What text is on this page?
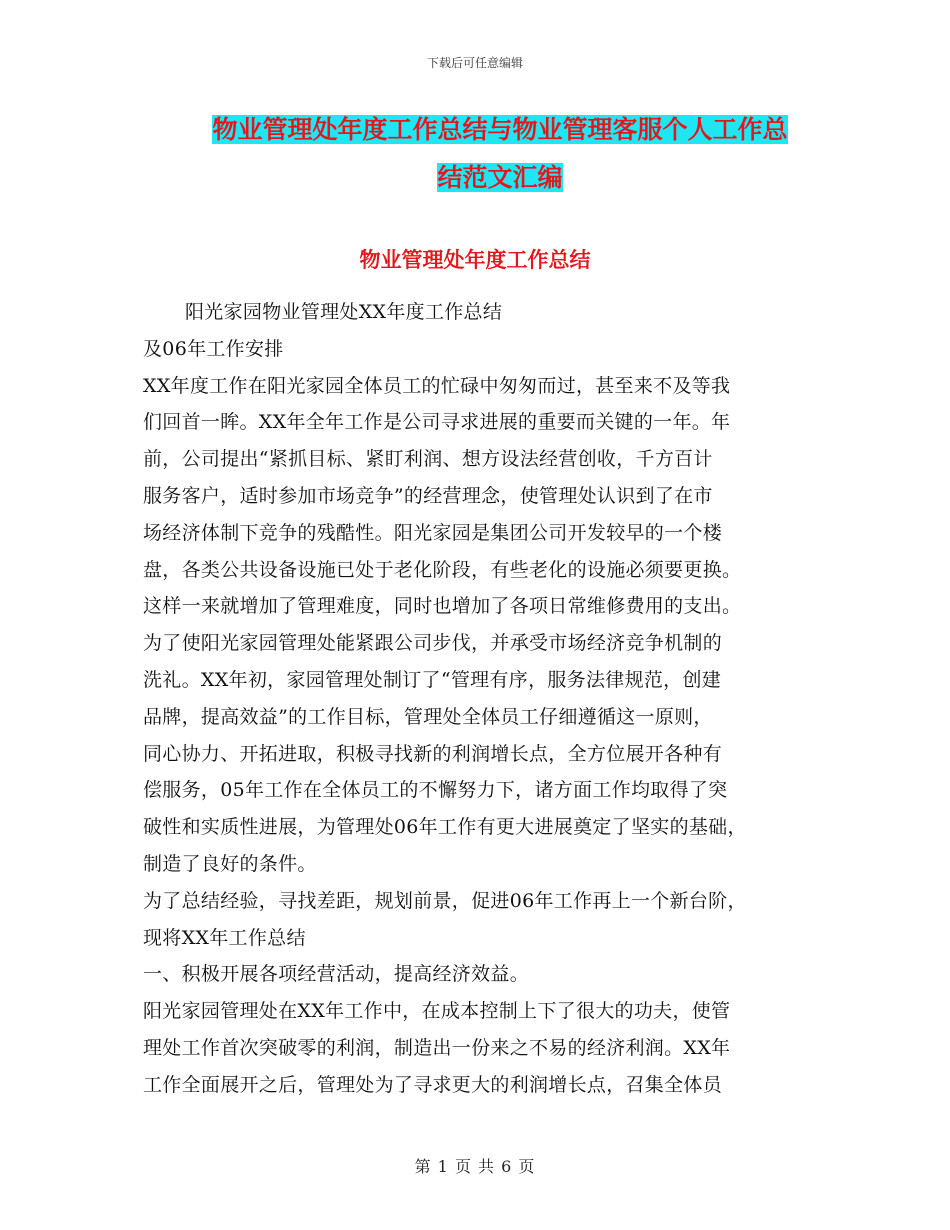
下载后可任意编辑
物业管理处年度工作总结与物业管理客服个人工作总
结范文汇编
物业管理处年度工作总结
阳光家园物业管理处XX年度工作总结
及06年工作安排
XX年度工作在阳光家园全体员工的忙碌中匆匆而过，甚至来不及等我
们回首一眸。XX年全年工作是公司寻求进展的重要而关键的一年。年
前，公司提出“紧抓目标、紧盯利润、想方设法经营创收，千方百计
服务客户，适时参加市场竞争”的经营理念，使管理处认识到了在市
场经济体制下竞争的残酷性。阳光家园是集团公司开发较早的一个楼
盘，各类公共设备设施已处于老化阶段，有些老化的设施必须要更换。
这样一来就增加了管理难度，同时也增加了各项日常维修费用的支出。
为了使阳光家园管理处能紧跟公司步伐，并承受市场经济竞争机制的
洗礼。XX年初，家园管理处制订了“管理有序，服务法律规范，创建
品牌，提高效益”的工作目标，管理处全体员工仔细遵循这一原则，
同心协力、开拓进取，积极寻找新的利润增长点，全方位展开各种有
偿服务，05年工作在全体员工的不懈努力下，诸方面工作均取得了突
破性和实质性进展，为管理处06年工作有更大进展奠定了坚实的基础，
制造了良好的条件。
为了总结经验，寻找差距，规划前景，促进06年工作再上一个新台阶，
现将XX年工作总结
一、积极开展各项经营活动，提高经济效益。
阳光家园管理处在XX年工作中，在成本控制上下了很大的功夫，使管
理处工作首次突破零的利润，制造出一份来之不易的经济利润。XX年
工作全面展开之后，管理处为了寻求更大的利润增长点，召集全体员
第 1 页 共 6 页
